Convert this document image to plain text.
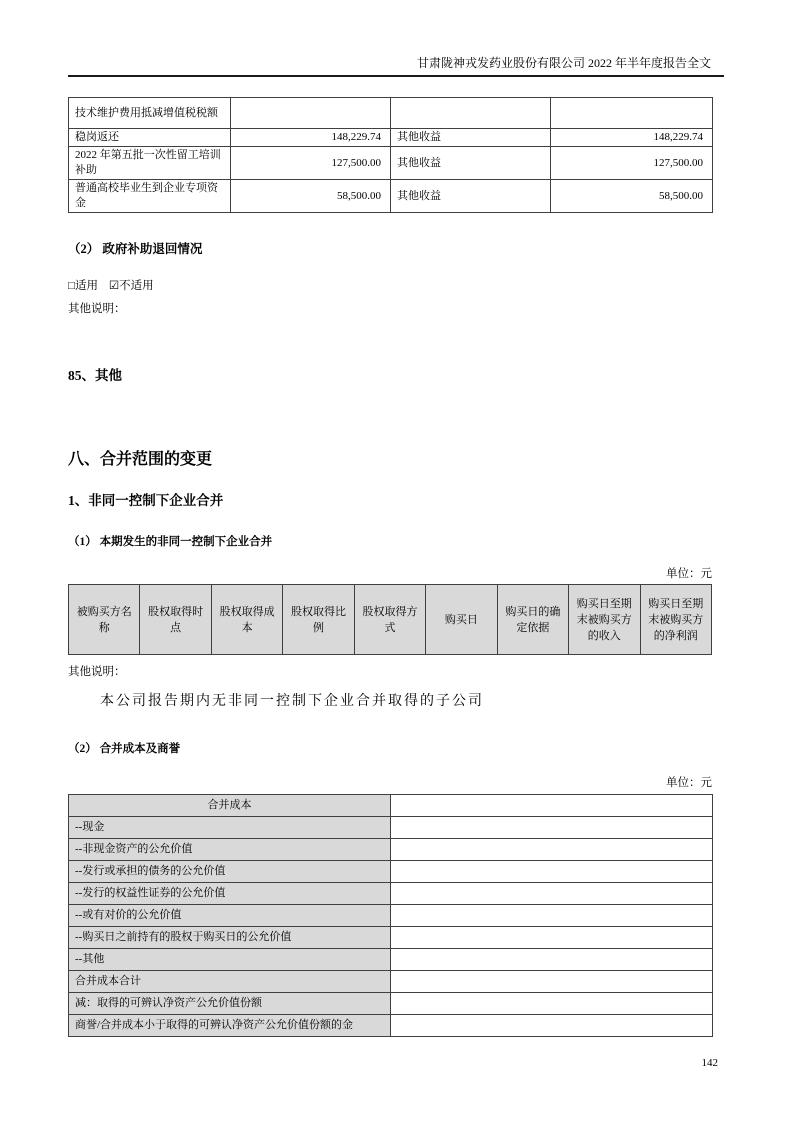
甘肃陇神戎发药业股份有限公司 2022 年半年度报告全文
技术维护费用抵减增值税税额			
稳岗返还	148,229.74	其他收益	148,229.74
2022 年第五批一次性留工培训补助	127,500.00	其他收益	127,500.00
普通高校毕业生到企业专项资金	58,500.00	其他收益	58,500.00
（2） 政府补助退回情况
□适用 ☑不适用
其他说明：
85、其他
八、合并范围的变更
1、非同一控制下企业合并
（1） 本期发生的非同一控制下企业合并
单位：元
被购买方名称	股权取得时点	股权取得成本	股权取得比例	股权取得方式	购买日	购买日的确定依据	购买日至期末被购买方的收入	购买日至期末被购买方的净利润
其他说明：
本公司报告期内无非同一控制下企业合并取得的子公司
（2） 合并成本及商誉
单位：元
合并成本	
--现金	
--非现金资产的公允价值	
--发行或承担的债务的公允价值	
--发行的权益性证券的公允价值	
--或有对价的公允价值	
--购买日之前持有的股权于购买日的公允价值	
--其他	
合并成本合计	
减：取得的可辨认净资产公允价值份额	
商誉/合并成本小于取得的可辨认净资产公允价值份额的金	
142
